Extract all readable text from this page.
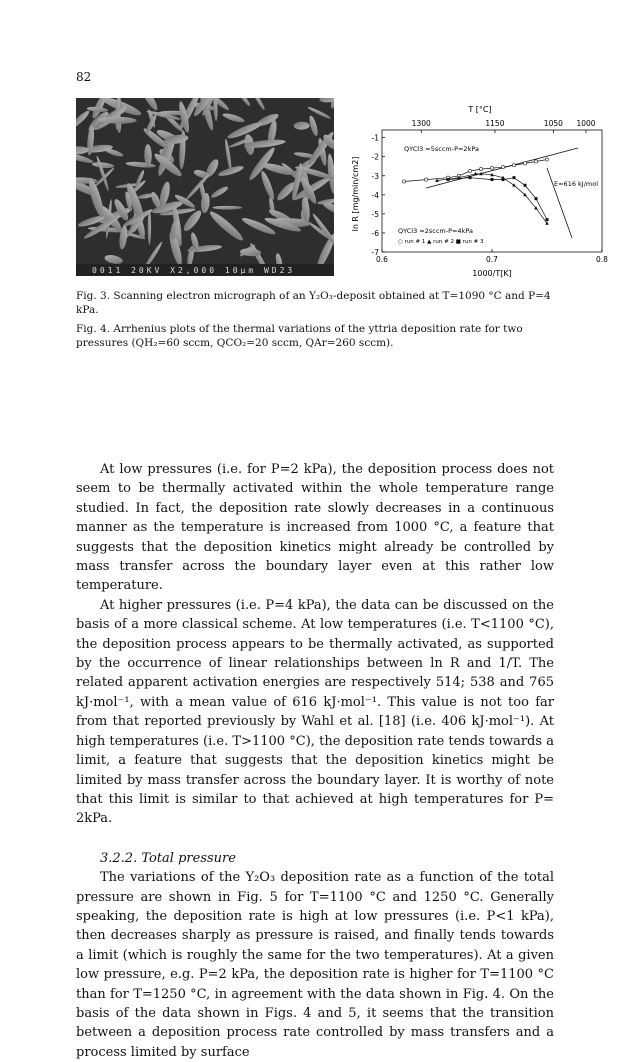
82
0011 20KV X2,000 10μm WD23
T [°C]
1300	1150	1050 1000
-1
-2
-3
-4
-5
-6
-7
0.6	0.7	0.8
ln R [mg/min/cm2]
1000/T[K]
QYCl3 =5sccm-P=2kPa
E=616 kJ/mol
QYCl3 =2sccm-P=4kPa
○ run # 1 ▲ run # 2 ■ run # 3
Fig. 3. Scanning electron micrograph of an Y₂O₃-deposit obtained at T=1090 °C and P=4 kPa.
Fig. 4. Arrhenius plots of the thermal variations of the yttria deposition rate for two pressures (QH₂=60 sccm, QCO₂=20 sccm, QAr=260 sccm).

At low pressures (i.e. for P=2 kPa), the deposition process does not seem to be thermally activated within the whole temperature range studied. In fact, the deposition rate slowly decreases in a continuous manner as the temperature is increased from 1000 °C, a feature that suggests that the deposition kinetics might already be controlled by mass transfer across the boundary layer even at this rather low temperature.

At higher pressures (i.e. P=4 kPa), the data can be discussed on the basis of a more classical scheme. At low temperatures (i.e. T<1100 °C), the deposition process appears to be thermally activated, as supported by the occurrence of linear relationships between ln R and 1/T. The related apparent activation energies are respectively 514; 538 and 765 kJ·mol⁻¹, with a mean value of 616 kJ·mol⁻¹. This value is not too far from that reported previously by Wahl et al. [18] (i.e. 406 kJ·mol⁻¹). At high temperatures (i.e. T>1100 °C), the deposition rate tends towards a limit, a feature that suggests that the deposition kinetics might be limited by mass transfer across the boundary layer. It is worthy of note that this limit is similar to that achieved at high temperatures for P= 2kPa.

3.2.2. Total pressure

The variations of the Y₂O₃ deposition rate as a function of the total pressure are shown in Fig. 5 for T=1100 °C and 1250 °C. Generally speaking, the deposition rate is high at low pressures (i.e. P<1 kPa), then decreases sharply as pressure is raised, and finally tends towards a limit (which is roughly the same for the two temperatures). At a given low pressure, e.g. P=2 kPa, the deposition rate is higher for T=1100 °C than for T=1250 °C, in agreement with the data shown in Fig. 4. On the basis of the data shown in Figs. 4 and 5, it seems that the transition between a deposition process rate controlled by mass transfers and a process limited by surface
